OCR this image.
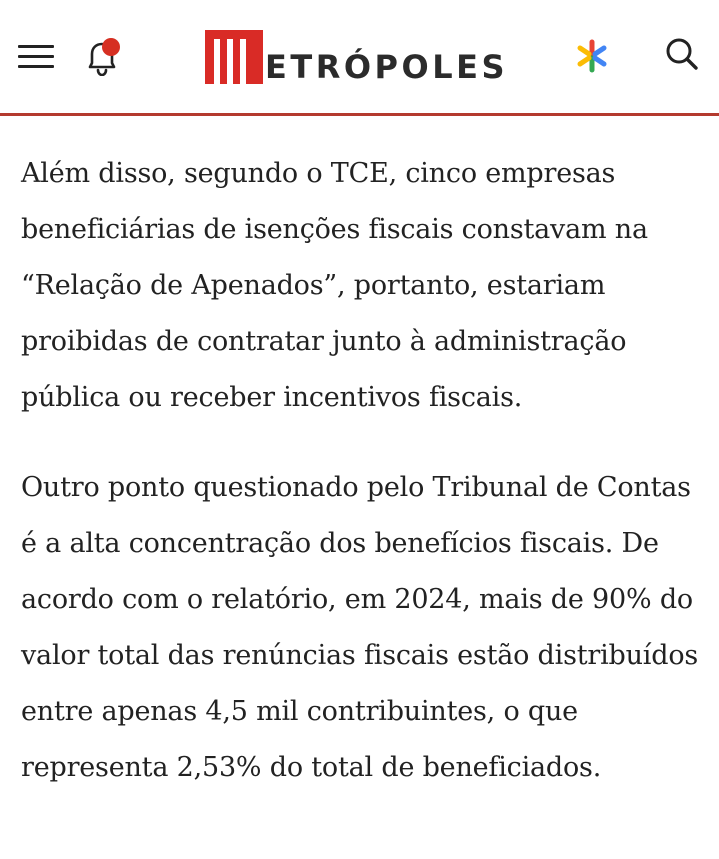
ETRÓPOLES

Além disso, segundo o TCE, cinco empresas beneficiárias de isenções fiscais constavam na “Relação de Apenados”, portanto, estariam proibidas de contratar junto à administração pública ou receber incentivos fiscais.

Outro ponto questionado pelo Tribunal de Contas é a alta concentração dos benefícios fiscais. De acordo com o relatório, em 2024, mais de 90% do valor total das renúncias fiscais estão distribuídos entre apenas 4,5 mil contribuintes, o que representa 2,53% do total de beneficiados.
